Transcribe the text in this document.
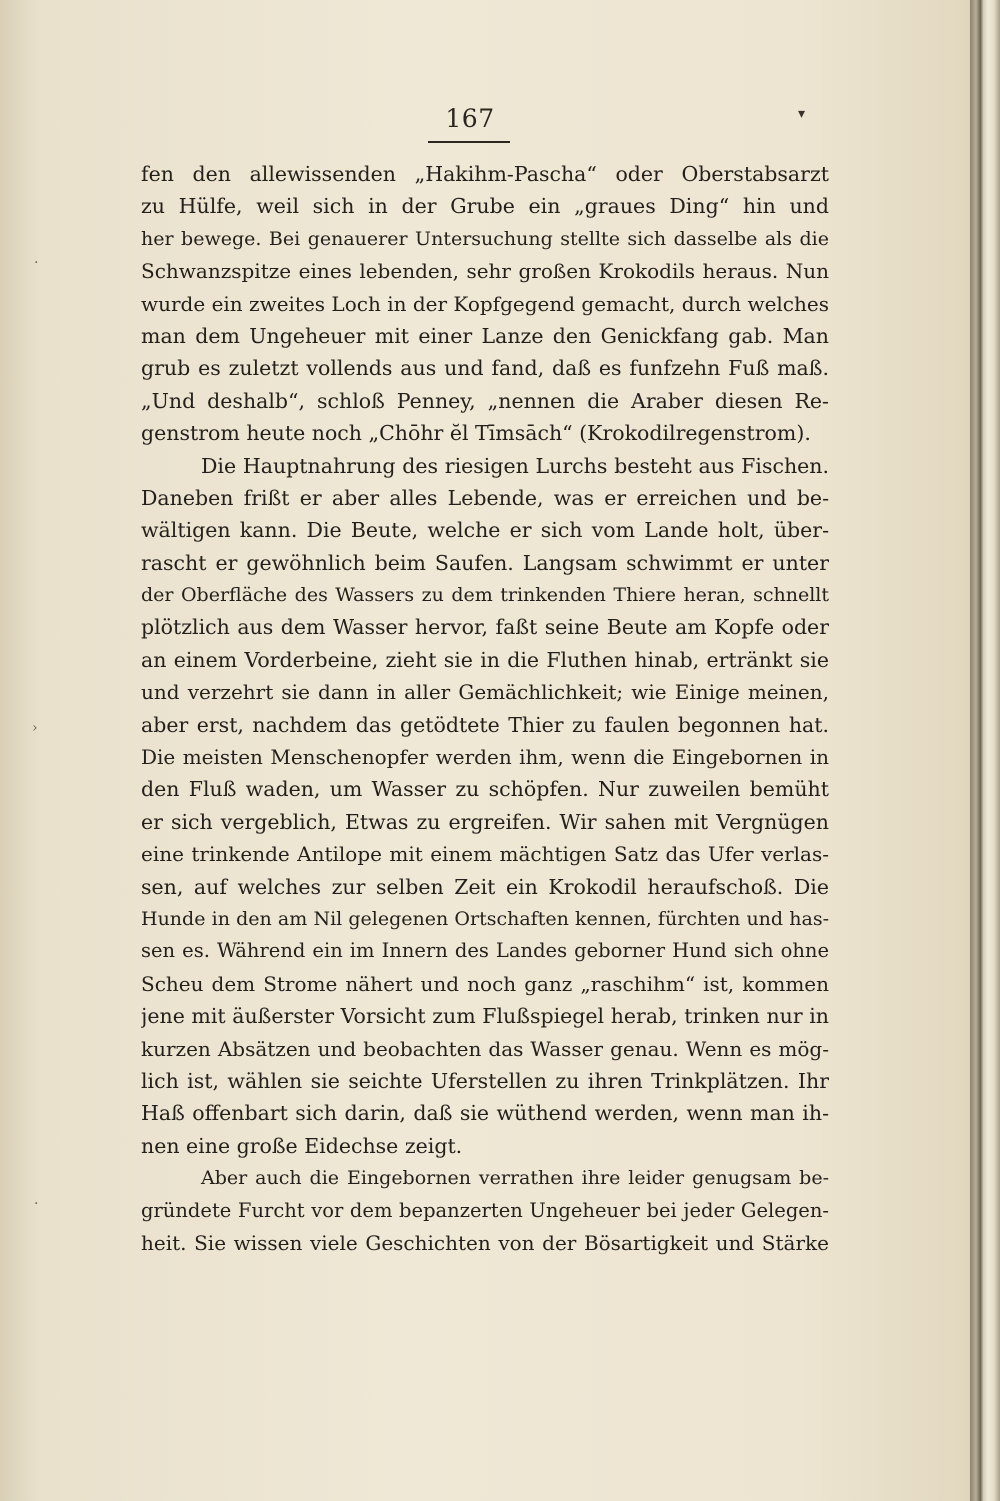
167	▾
·
›
·
fen den allewissenden „Hakihm-Pascha“ oder Oberstabsarzt
zu Hülfe, weil sich in der Grube ein „graues Ding“ hin und
her bewege. Bei genauerer Untersuchung stellte sich dasselbe als die
Schwanzspitze eines lebenden, sehr großen Krokodils heraus. Nun
wurde ein zweites Loch in der Kopfgegend gemacht, durch welches
man dem Ungeheuer mit einer Lanze den Genickfang gab. Man
grub es zuletzt vollends aus und fand, daß es funfzehn Fuß maß.
„Und deshalb“, schloß Penney, „nennen die Araber diesen Re-
genstrom heute noch „Chōhr ĕl Tīmsāch“ (Krokodilregenstrom).
Die Hauptnahrung des riesigen Lurchs besteht aus Fischen.
Daneben frißt er aber alles Lebende, was er erreichen und be-
wältigen kann. Die Beute, welche er sich vom Lande holt, über-
rascht er gewöhnlich beim Saufen. Langsam schwimmt er unter
der Oberfläche des Wassers zu dem trinkenden Thiere heran, schnellt
plötzlich aus dem Wasser hervor, faßt seine Beute am Kopfe oder
an einem Vorderbeine, zieht sie in die Fluthen hinab, ertränkt sie
und verzehrt sie dann in aller Gemächlichkeit; wie Einige meinen,
aber erst, nachdem das getödtete Thier zu faulen begonnen hat.
Die meisten Menschenopfer werden ihm, wenn die Eingebornen in
den Fluß waden, um Wasser zu schöpfen. Nur zuweilen bemüht
er sich vergeblich, Etwas zu ergreifen. Wir sahen mit Vergnügen
eine trinkende Antilope mit einem mächtigen Satz das Ufer verlas-
sen, auf welches zur selben Zeit ein Krokodil heraufschoß. Die
Hunde in den am Nil gelegenen Ortschaften kennen, fürchten und has-
sen es. Während ein im Innern des Landes geborner Hund sich ohne
Scheu dem Strome nähert und noch ganz „raschihm“ ist, kommen
jene mit äußerster Vorsicht zum Flußspiegel herab, trinken nur in
kurzen Absätzen und beobachten das Wasser genau. Wenn es mög-
lich ist, wählen sie seichte Uferstellen zu ihren Trinkplätzen. Ihr
Haß offenbart sich darin, daß sie wüthend werden, wenn man ih-
nen eine große Eidechse zeigt.
Aber auch die Eingebornen verrathen ihre leider genugsam be-
gründete Furcht vor dem bepanzerten Ungeheuer bei jeder Gelegen-
heit. Sie wissen viele Geschichten von der Bösartigkeit und Stärke
